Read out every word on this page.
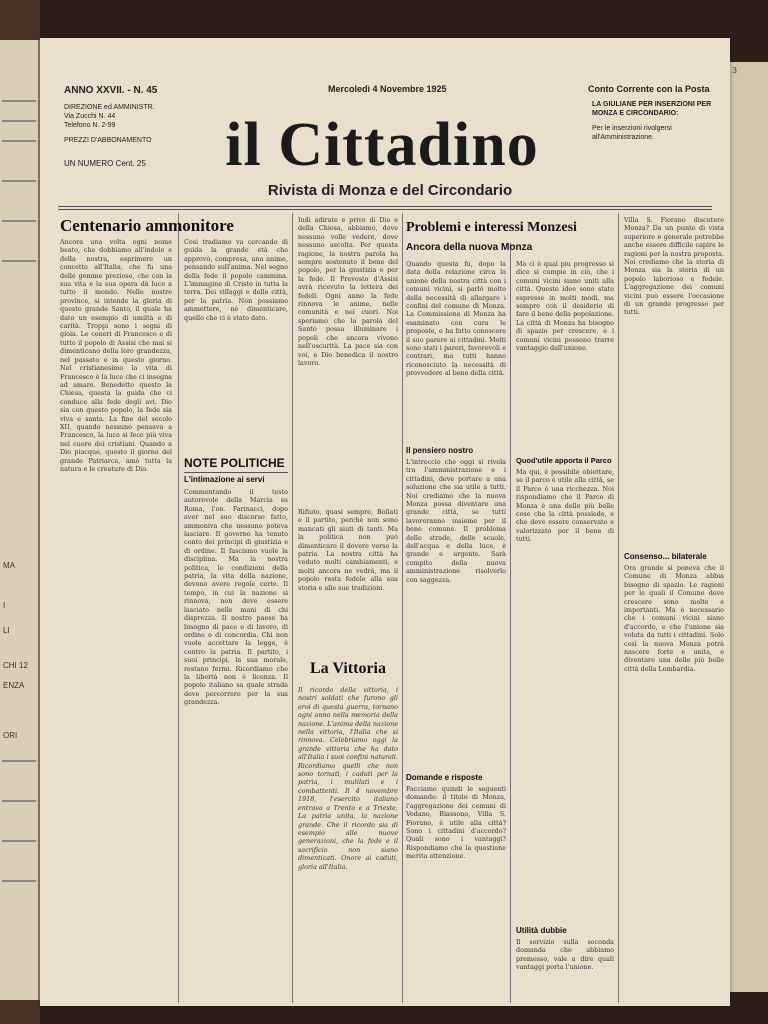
MA
I
LI
ENZA
CHI 12
ORI
3
ANNO XXVII. - N. 45
DIREZIONE ed AMMINISTR.
Via Zucchi N. 44
Telefono N. 2-99
PREZZI D'ABBONAMENTO
UN NUMERO Cent. 25
Mercoledì 4 Novembre 1925	Conto Corrente con la Posta
LA GIULIANE PER INSERZIONI PER
MONZA E CIRCONDARIO:
Per le inserzioni rivolgersi
all'Amministrazione.
il Cittadino
Rivista di Monza e del Circondario
Centenario ammonitore
Ancora una volta ogni nome beato, che dobbiamo all'indole e della nostra, esprimere un concetto all'Italia, che fu una delle gemme preziose, che con la sua vita e la sua opera dà luce a tutto il mondo. Nelle nostre province, si intende la gloria di questo grande Santo, il quale ha dato un esempio di umiltà e di carità. Troppi sono i segni di gioia. Le ceneri di Francesco e di tutto il popolo di Assisi che mai si dimenticano della loro grandezza, nel passato e in questo giorno. Nel cristianesimo la vita di Francesco è la luce che ci insegna ad amare. Benedetto questo la Chiesa, questa la guida che ci conduce alla fede degli avi. Dio sia con questo popolo, la fede sia viva e santa. La fine del secolo XII, quando nessuno pensava a Francesco, la luce si fece più viva nel cuore dei cristiani. Quando a Dio piacque, questo il giorno del grande Patriarca, amò tutta la natura e le creature di Dio.
Così tradiamo va cercando di guida la grande età che approvò, compresa, una anime, pensando sull'anima. Nel segno della fede il popolo cammina. L'immagine di Cristo in tutta la terra. Dei villaggi e delle città, per la patria. Non possiamo ammettere, nè dimenticare, quello che ci è stato dato.
NOTE POLITICHE
L'intimazione ai servi
Commentando il testo autorevole della Marcia su Roma, l'on. Farinacci, dopo aver nel suo discorso fatto, ammoniva che nessuno poteva lasciare. Il governo ha tenuto conto dei principi di giustizia e di ordine. Il fascismo vuole la disciplina. Ma la nostra politica, le condizioni della patria, la vita della nazione, devono avere regole certe. Il tempo, in cui la nazione si rinnova, non deve essere lasciato nelle mani di chi disprezza. Il nostro paese ha bisogno di pace e di lavoro, di ordine e di concordia. Chi non vuole accettare la legge, è contro la patria. Il partito, i suoi principi, la sua morale, restano fermi. Ricordiamo che la libertà non è licenza. Il popolo italiano sa quale strada deve percorrere per la sua grandezza.
Indi adirate e prive di Dio e della Chiesa, abbiamo, dove nessuno volle vedere, dove nessuno ascolta. Per questa ragione, la nostra parola ha sempre sostenuto il bene del popolo, per la giustizia e per la fede. Il Prevosto d'Assisi avrà ricevuto la lettera dei fedeli. Ogni anno la fede rinnova le anime, nelle comunità e nei cuori. Noi speriamo che la parola del Santo possa illuminare i popoli che ancora vivono nell'oscurità. La pace sia con voi, e Dio benedica il nostro lavoro.
Rifiuto, quasi sempre, Bollati e il partito, perchè non sono mancati gli aiuti di tanti. Ma la politica non può dimenticare il dovere verso la patria. La nostra città ha veduto molti cambiamenti, e molti ancora ne vedrà, ma il popolo resta fedele alla sua storia e alle sue tradizioni.
La Vittoria
Il ricordo della vittoria, i nostri soldati che furono gli eroi di questa guerra, tornano ogni anno nella memoria della nazione. L'anima della nazione nella vittoria, l'Italia che si rinnova. Celebriamo oggi la grande vittoria che ha dato all'Italia i suoi confini naturali. Ricordiamo quelli che non sono tornati, i caduti per la patria, i mutilati e i combattenti. Il 4 novembre 1918, l'esercito italiano entrava a Trento e a Trieste. La patria unita, la nazione grande. Che il ricordo sia di esempio alle nuove generazioni, che la fede e il sacrificio non siano dimenticati. Onore ai caduti, gloria all'Italia.
Problemi e interessi Monzesi
Ancora della nuova Monza
Quando questa fu, dopo la data della relazione circa la unione della nostra città con i comuni vicini, si parlò molto della necessità di allargare i confini del comune di Monza. La Commissione di Monza ha esaminato con cura le proposte, e ha fatto conoscere il suo parere ai cittadini. Molti sono stati i pareri, favorevoli e contrari, ma tutti hanno riconosciuto la necessità di provvedere al bene della città.
Il pensiero nostro
L'intreccio che oggi si rivela tra l'amministrazione e i cittadini, deve portare a una soluzione che sia utile a tutti. Noi crediamo che la nuova Monza possa diventare una grande città, se tutti lavoreranno insieme per il bene comune. Il problema delle strade, delle scuole, dell'acqua e della luce, è grande e urgente. Sarà compito della nuova amministrazione risolverlo con saggezza.
Domande e risposte
Facciamo quindi le seguenti domande: il titolo di Monza, l'aggregazione dei comuni di Vedano, Biassono, Villa S. Fiorano, è utile alla città? Sono i cittadini d'accordo? Quali sono i vantaggi? Rispondiamo che la questione merita attenzione.
Ma ci è qual piu progresso si dice si compie in ciò, che i comuni vicini siano uniti alla città. Queste idee sono state espresse in molti modi, ma sempre con il desiderio di fare il bene della popolazione. La città di Monza ha bisogno di spazio per crescere, e i comuni vicini possono trarre vantaggio dall'unione.
Quod'utile apporta il Parco
Ma qui, è possibile obiettare, se il parco è utile alla città, se il Parco è una ricchezza. Noi rispondiamo che il Parco di Monza è una delle più belle cose che la città possiede, e che deve essere conservato e valorizzato per il bene di tutti.
Utilità dubbie
Il servizio sulla seconda domanda che abbiamo premesso, vale a dire quali vantaggi porta l'unione.
Villa S. Fiorano discutere Monza? Da un punto di vista superiore e generale potrebbe anche essere difficile capire le ragioni per la nostra proposta. Noi crediamo che la storia di Monza sia la storia di un popolo laborioso e fedele. L'aggregazione dei comuni vicini può essere l'occasione di un grande progresso per tutti.
Consenso... bilaterale
Ora grande si poneva che il Comune di Monza abbia bisogno di spazio. Le ragioni per le quali il Comune deve crescere sono molte e importanti. Ma è necessario che i comuni vicini siano d'accordo, e che l'unione sia voluta da tutti i cittadini. Solo così la nuova Monza potrà nascere forte e unita, e diventare una delle più belle città della Lombardia.
